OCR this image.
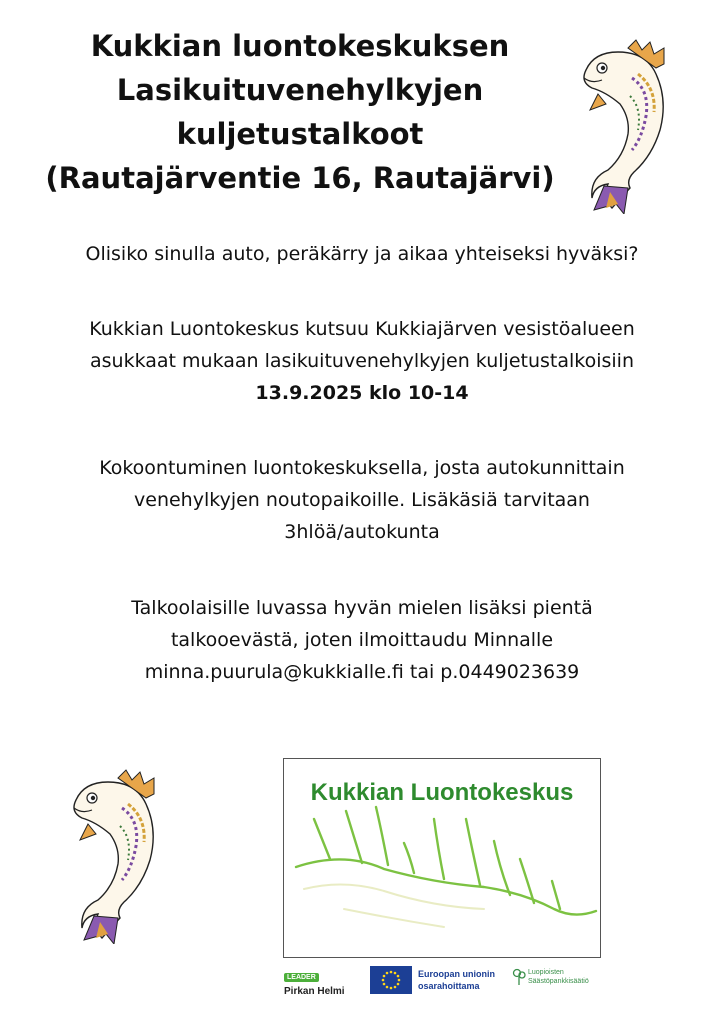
Kukkian luontokeskuksen
Lasikuituvenehylkyjen
kuljetustalkoot
(Rautajärventie 16, Rautajärvi)
Olisiko sinulla auto, peräkärry ja aikaa yhteiseksi hyväksi?
Kukkian Luontokeskus kutsuu Kukkiajärven vesistöalueen
asukkaat mukaan lasikuituvenehylkyjen kuljetustalkoisiin
13.9.2025 klo 10-14
Kokoontuminen luontokeskuksella, josta autokunnittain
venehylkyjen noutopaikoille. Lisäkäsiä tarvitaan
3hlöä/autokunta
Talkoolaisille luvassa hyvän mielen lisäksi pientä
talkooevästä, joten ilmoittaudu Minnalle
minna.puurula@kukkialle.fi tai p.0449023639
Kukkian Luontokeskus
LEADER
Pirkan Helmi
Euroopan unionin
osarahoittama
Luopioisten
Säästöpankkisäätiö
